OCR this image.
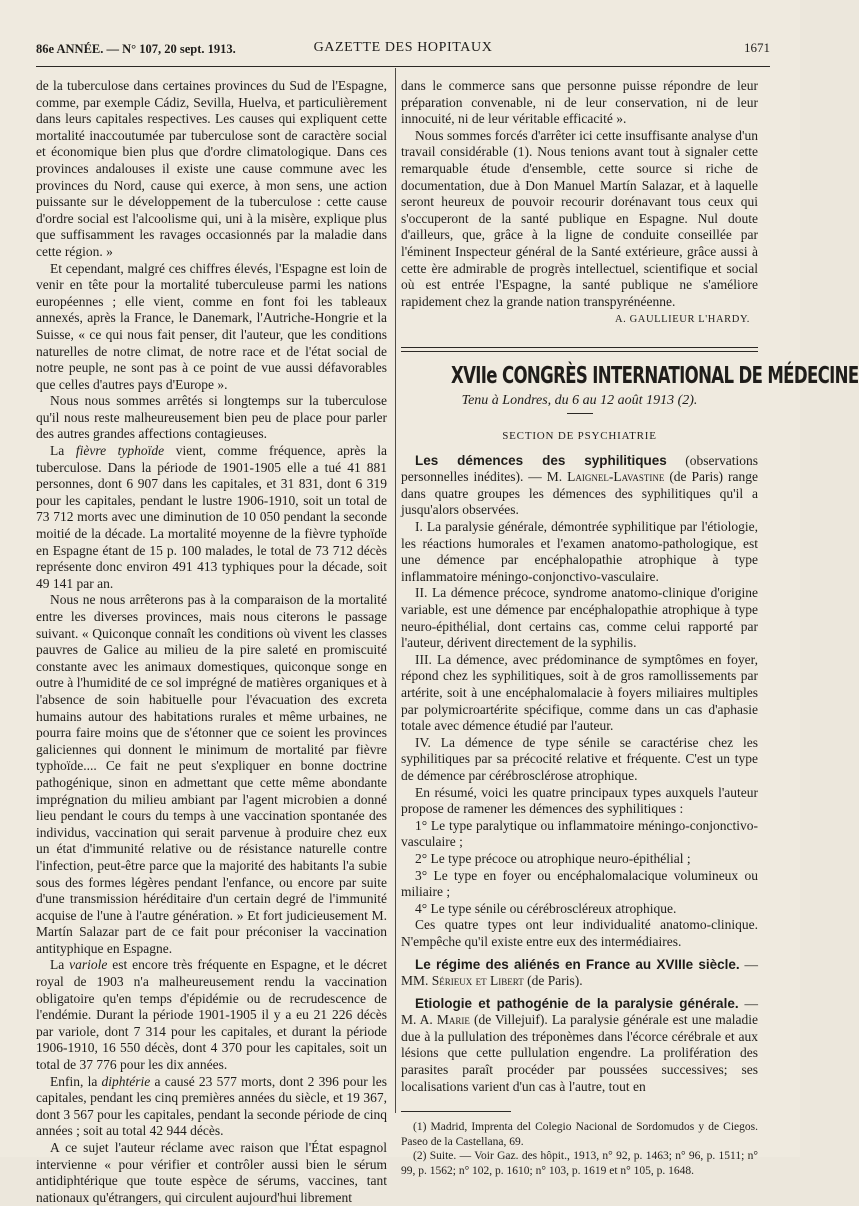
86e ANNÉE. — N° 107, 20 sept. 1913.	GAZETTE DES HOPITAUX	1671

de la tuberculose dans certaines provinces du Sud de l'Espagne, comme, par exemple Cádiz, Sevilla, Huelva, et particulièrement dans leurs capitales respectives. Les causes qui expliquent cette mortalité inaccoutumée par tuberculose sont de caractère social et économique bien plus que d'ordre climatologique. Dans ces provinces andalouses il existe une cause commune avec les provinces du Nord, cause qui exerce, à mon sens, une action puissante sur le développement de la tuberculose : cette cause d'ordre social est l'alcoolisme qui, uni à la misère, explique plus que suffisamment les ravages occasionnés par la maladie dans cette région. »

Et cependant, malgré ces chiffres élevés, l'Espagne est loin de venir en tête pour la mortalité tuberculeuse parmi les nations européennes ; elle vient, comme en font foi les tableaux annexés, après la France, le Danemark, l'Autriche-Hongrie et la Suisse, « ce qui nous fait penser, dit l'auteur, que les conditions naturelles de notre climat, de notre race et de l'état social de notre peuple, ne sont pas à ce point de vue aussi défavorables que celles d'autres pays d'Europe ».

Nous nous sommes arrêtés si longtemps sur la tuberculose qu'il nous reste malheureusement bien peu de place pour parler des autres grandes affections contagieuses.

La fièvre typhoïde vient, comme fréquence, après la tuberculose. Dans la période de 1901-1905 elle a tué 41 881 personnes, dont 6 907 dans les capitales, et 31 831, dont 6 319 pour les capitales, pendant le lustre 1906-1910, soit un total de 73 712 morts avec une diminution de 10 050 pendant la seconde moitié de la décade. La mortalité moyenne de la fièvre typhoïde en Espagne étant de 15 p. 100 malades, le total de 73 712 décès représente donc environ 491 413 typhiques pour la décade, soit 49 141 par an.

Nous ne nous arrêterons pas à la comparaison de la mortalité entre les diverses provinces, mais nous citerons le passage suivant. « Quiconque connaît les conditions où vivent les classes pauvres de Galice au milieu de la pire saleté en promiscuité constante avec les animaux domestiques, quiconque songe en outre à l'humidité de ce sol imprégné de matières organiques et à l'absence de soin habituelle pour l'évacuation des excreta humains autour des habitations rurales et même urbaines, ne pourra faire moins que de s'étonner que ce soient les provinces galiciennes qui donnent le minimum de mortalité par fièvre typhoïde.... Ce fait ne peut s'expliquer en bonne doctrine pathogénique, sinon en admettant que cette même abondante imprégnation du milieu ambiant par l'agent microbien a donné lieu pendant le cours du temps à une vaccination spontanée des individus, vaccination qui serait parvenue à produire chez eux un état d'immunité relative ou de résistance naturelle contre l'infection, peut-être parce que la majorité des habitants l'a subie sous des formes légères pendant l'enfance, ou encore par suite d'une transmission héréditaire d'un certain degré de l'immunité acquise de l'une à l'autre génération. » Et fort judicieusement M. Martín Salazar part de ce fait pour préconiser la vaccination antityphique en Espagne.

La variole est encore très fréquente en Espagne, et le décret royal de 1903 n'a malheureusement rendu la vaccination obligatoire qu'en temps d'épidémie ou de recrudescence de l'endémie. Durant la période 1901-1905 il y a eu 21 226 décès par variole, dont 7 314 pour les capitales, et durant la période 1906-1910, 16 550 décès, dont 4 370 pour les capitales, soit un total de 37 776 pour les dix années.

Enfin, la diphtérie a causé 23 577 morts, dont 2 396 pour les capitales, pendant les cinq premières années du siècle, et 19 367, dont 3 567 pour les capitales, pendant la seconde période de cinq années ; soit au total 42 944 décès.

A ce sujet l'auteur réclame avec raison que l'État espagnol intervienne « pour vérifier et contrôler aussi bien le sérum antidiphtérique que toute espèce de sérums, vaccines, tant nationaux qu'étrangers, qui circulent aujourd'hui librement

dans le commerce sans que personne puisse répondre de leur préparation convenable, ni de leur conservation, ni de leur innocuité, ni de leur véritable efficacité ».

Nous sommes forcés d'arrêter ici cette insuffisante analyse d'un travail considérable (1). Nous tenions avant tout à signaler cette remarquable étude d'ensemble, cette source si riche de documentation, due à Don Manuel Martín Salazar, et à laquelle seront heureux de pouvoir recourir dorénavant tous ceux qui s'occuperont de la santé publique en Espagne. Nul doute d'ailleurs, que, grâce à la ligne de conduite conseillée par l'éminent Inspecteur général de la Santé extérieure, grâce aussi à cette ère admirable de progrès intellectuel, scientifique et social où est entrée l'Espagne, la santé publique ne s'améliore rapidement chez la grande nation transpyrénéenne.

A. GAULLIEUR L'HARDY.
XVIIe CONGRÈS INTERNATIONAL DE MÉDECINE
Tenu à Londres, du 6 au 12 août 1913 (2).
SECTION DE PSYCHIATRIE

Les démences des syphilitiques (observations personnelles inédites). — M. Laignel-Lavastine (de Paris) range dans quatre groupes les démences des syphilitiques qu'il a jusqu'alors observées.

I. La paralysie générale, démontrée syphilitique par l'étiologie, les réactions humorales et l'examen anatomo-pathologique, est une démence par encéphalopathie atrophique à type inflammatoire méningo-conjonctivo-vasculaire.

II. La démence précoce, syndrome anatomo-clinique d'origine variable, est une démence par encéphalopathie atrophique à type neuro-épithélial, dont certains cas, comme celui rapporté par l'auteur, dérivent directement de la syphilis.

III. La démence, avec prédominance de symptômes en foyer, répond chez les syphilitiques, soit à de gros ramollissements par artérite, soit à une encéphalomalacie à foyers miliaires multiples par polymicroartérite spécifique, comme dans un cas d'aphasie totale avec démence étudié par l'auteur.

IV. La démence de type sénile se caractérise chez les syphilitiques par sa précocité relative et fréquente. C'est un type de démence par cérébrosclérose atrophique.

En résumé, voici les quatre principaux types auxquels l'auteur propose de ramener les démences des syphilitiques :

1° Le type paralytique ou inflammatoire méningo-conjonctivo-vasculaire ;

2° Le type précoce ou atrophique neuro-épithélial ;

3° Le type en foyer ou encéphalomalacique volumineux ou miliaire ;

4° Le type sénile ou cérébroscléreux atrophique.

Ces quatre types ont leur individualité anatomo-clinique. N'empêche qu'il existe entre eux des intermédiaires.

Le régime des aliénés en France au XVIIIe siècle. — MM. Sérieux et Libert (de Paris).

Etiologie et pathogénie de la paralysie générale. — M. A. Marie (de Villejuif). La paralysie générale est une maladie due à la pullulation des tréponèmes dans l'écorce cérébrale et aux lésions que cette pullulation engendre. La prolifération des parasites paraît procéder par poussées successives; ses localisations varient d'un cas à l'autre, tout en

(1) Madrid, Imprenta del Colegio Nacional de Sordomudos y de Ciegos. Paseo de la Castellana, 69.

(2) Suite. — Voir Gaz. des hôpit., 1913, n° 92, p. 1463; n° 96, p. 1511; n° 99, p. 1562; n° 102, p. 1610; n° 103, p. 1619 et n° 105, p. 1648.
